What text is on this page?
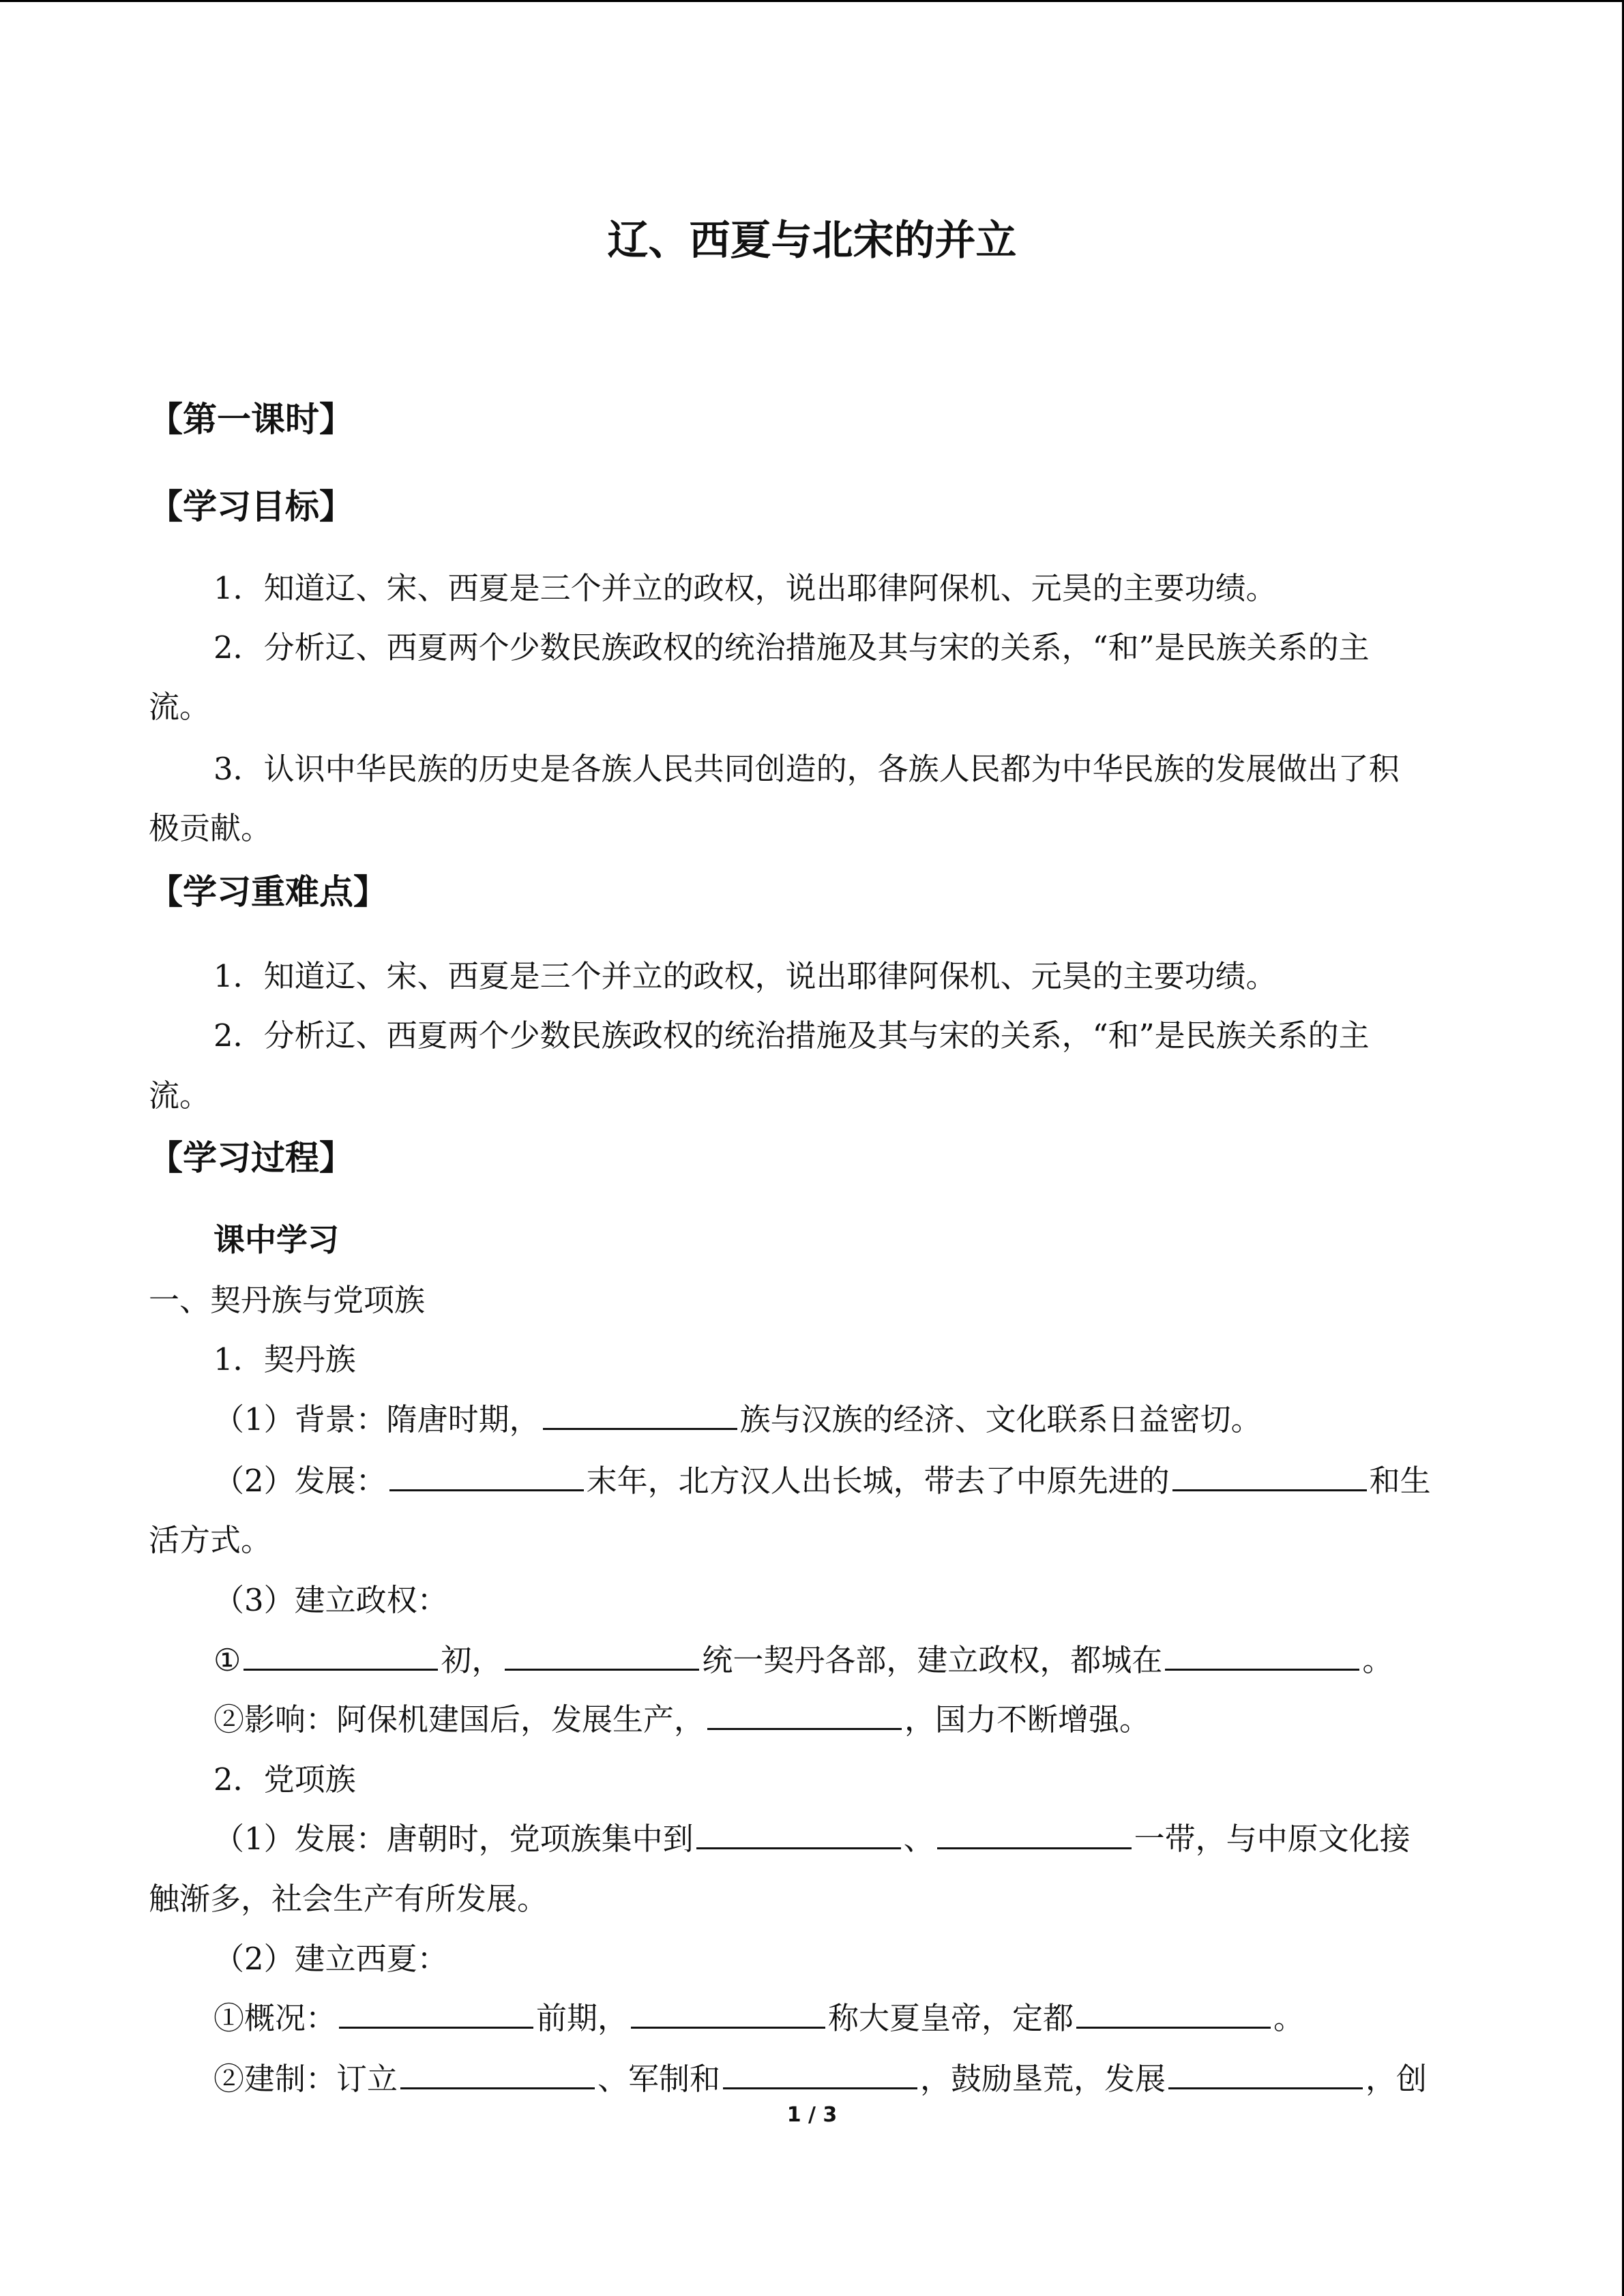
辽、西夏与北宋的并立
【第一课时】
【学习目标】
1．知道辽、宋、西夏是三个并立的政权，说出耶律阿保机、元昊的主要功绩。
2．分析辽、西夏两个少数民族政权的统治措施及其与宋的关系，“和”是民族关系的主
流。
3．认识中华民族的历史是各族人民共同创造的，各族人民都为中华民族的发展做出了积
极贡献。
【学习重难点】
1．知道辽、宋、西夏是三个并立的政权，说出耶律阿保机、元昊的主要功绩。
2．分析辽、西夏两个少数民族政权的统治措施及其与宋的关系，“和”是民族关系的主
流。
【学习过程】
课中学习
一、契丹族与党项族
1．契丹族
（1）背景：隋唐时期，	族与汉族的经济、文化联系日益密切。
（2）发展：	末年，北方汉人出长城，带去了中原先进的	和生
活方式。
（3）建立政权：
①	初，	统一契丹各部，建立政权，都城在	。
②影响：阿保机建国后，发展生产，	，国力不断增强。
2．党项族
（1）发展：唐朝时，党项族集中到	、	一带，与中原文化接
触渐多，社会生产有所发展。
（2）建立西夏：
①概况：	前期，	称大夏皇帝，定都	。
②建制：订立	、军制和	，鼓励垦荒，发展	，创
1 / 3
